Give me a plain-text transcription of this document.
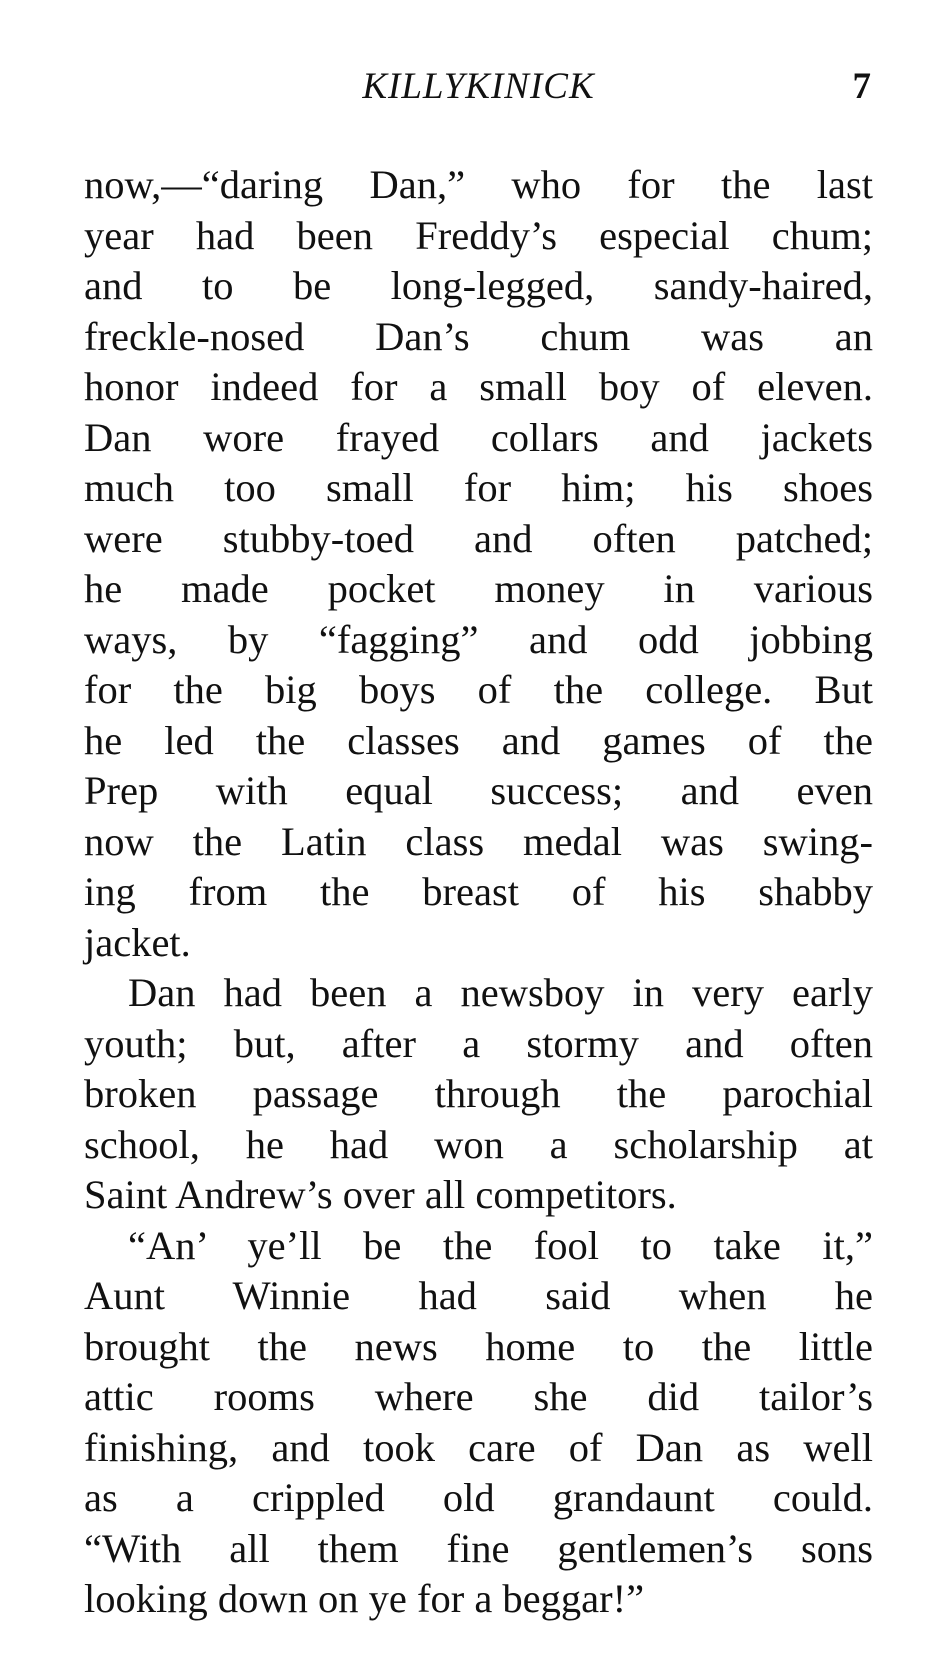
KILLYKINICK	7
now,—“daring Dan,” who for the last
year had been Freddy’s especial chum;
and to be long-legged, sandy-haired,
freckle-nosed Dan’s chum was an
honor indeed for a small boy of eleven.
Dan wore frayed collars and jackets
much too small for him; his shoes
were stubby-toed and often patched;
he made pocket money in various
ways, by “fagging” and odd jobbing
for the big boys of the college. But
he led the classes and games of the
Prep with equal success; and even
now the Latin class medal was swing-
ing from the breast of his shabby
jacket.
Dan had been a newsboy in very early
youth; but, after a stormy and often
broken passage through the parochial
school, he had won a scholarship at
Saint Andrew’s over all competitors.
“An’ ye’ll be the fool to take it,”
Aunt Winnie had said when he
brought the news home to the little
attic rooms where she did tailor’s
finishing, and took care of Dan as well
as a crippled old grandaunt could.
“With all them fine gentlemen’s sons
looking down on ye for a beggar!”
